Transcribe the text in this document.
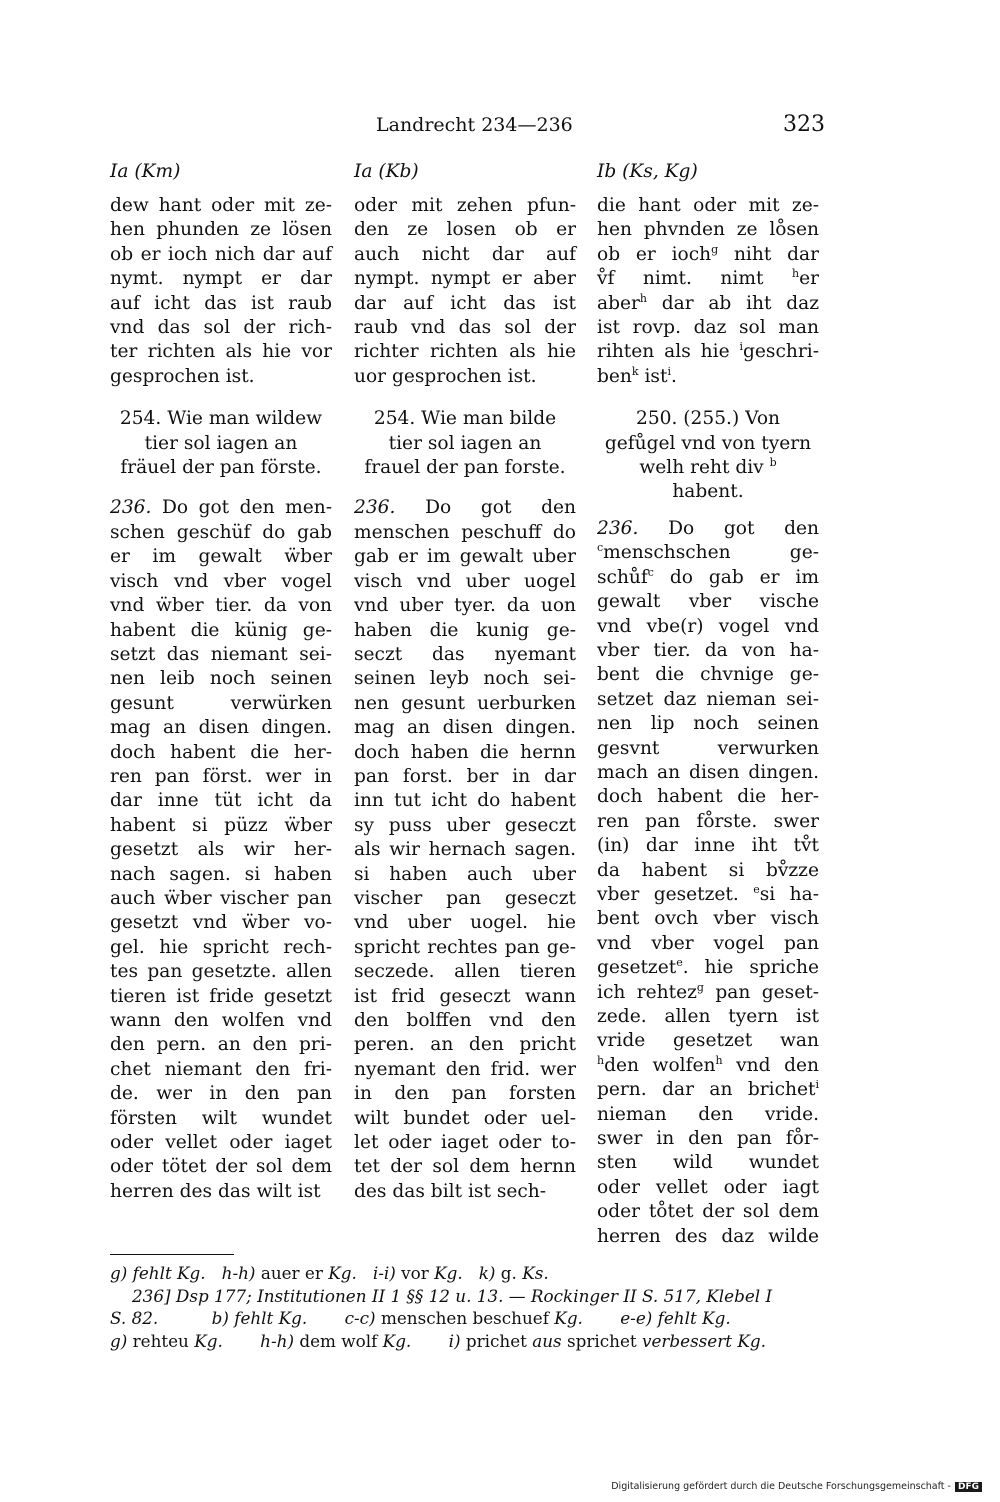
Landrecht 234—236	323
Ia (Km)
dew hant oder mit ze-
hen phunden ze lösen
ob er ioch nich dar auf
nymt. nympt er dar
auf icht das ist raub
vnd das sol der rich-
ter richten als hie vor
gesprochen ist.
254. Wie man wildew
tier sol iagen an
fräuel der pan förste.
236. Do got den men-
schen geschüf do gab
er im gewalt ẅber
visch vnd vber vogel
vnd ẅber tier. da von
habent die künig ge-
setzt das niemant sei-
nen leib noch seinen
gesunt verwürken
mag an disen dingen.
doch habent die her-
ren pan först. wer in
dar inne tüt icht da
habent si püzz ẅber
gesetzt als wir her-
nach sagen. si haben
auch ẅber vischer pan
gesetzt vnd ẅber vo-
gel. hie spricht rech-
tes pan gesetzte. allen
tieren ist fride gesetzt
wann den wolfen vnd
den pern. an den pri-
chet niemant den fri-
de. wer in den pan
försten wilt wundet
oder vellet oder iaget
oder tötet der sol dem
herren des das wilt ist
Ia (Kb)
oder mit zehen pfun-
den ze losen ob er
auch nicht dar auf
nympt. nympt er aber
dar auf icht das ist
raub vnd das sol der
richter richten als hie
uor gesprochen ist.
254. Wie man bilde
tier sol iagen an
frauel der pan forste.
236. Do got den
menschen peschuff do
gab er im gewalt uber
visch vnd uber uogel
vnd uber tyer. da uon
haben die kunig ge-
seczt das nyemant
seinen leyb noch sei-
nen gesunt uerburken
mag an disen dingen.
doch haben die hernn
pan forst. ber in dar
inn tut icht do habent
sy puss uber geseczt
als wir hernach sagen.
si haben auch uber
vischer pan geseczt
vnd uber uogel. hie
spricht rechtes pan ge-
seczede. allen tieren
ist frid geseczt wann
den bolffen vnd den
peren. an den pricht
nyemant den frid. wer
in den pan forsten
wilt bundet oder uel-
let oder iaget oder to-
tet der sol dem hernn
des das bilt ist sech-
Ib (Ks, Kg)
die hant oder mit ze-
hen phvnden ze lo̊sen
ob er ioch$^g$ niht dar
v̊f nimt. nimt	$^h$er
aber$^h$ dar ab iht daz
ist rovp. daz sol man
rihten als hie $^i$geschri-
ben$^k$ ist$^i$.
250. (255.) Von
gefůgel vnd von tyern
welh reht div $^b$
habent.
236. Do got den
$^c$menschschen ge-
schůf$^c$ do gab er im
gewalt vber vische
vnd vbe(r) vogel vnd
vber tier. da von ha-
bent die chvnige ge-
setzet daz nieman sei-
nen lip noch seinen
gesvnt verwurken
mach an disen dingen.
doch habent die her-
ren pan fo̊rste. swer
(in) dar inne iht tv̊t
da habent si bv̊zze
vber gesetzet. $^e$si ha-
bent ovch vber visch
vnd vber vogel pan
gesetzet$^e$. hie spriche
ich rehtez$^g$ pan geset-
zede. allen tyern ist
vride gesetzet wan
$^h$den wolfen$^h$ vnd den
pern. dar an brichet$^i$
nieman den vride.
swer in den pan fo̊r-
sten wild wundet
oder vellet oder iagt
oder to̊tet der sol dem
herren des daz wilde
g) fehlt Kg.   h-h) auer er Kg.   i-i) vor Kg.   k) g. Ks.
236] Dsp 177; Institutionen II 1 §§ 12 u. 13. — Rockinger II S. 517, Klebel I
S. 82.          b) fehlt Kg.       c-c) menschen beschuef Kg.       e-e) fehlt Kg.
g) rehteu Kg.       h-h) dem wolf Kg.       i) prichet aus sprichet verbessert Kg.
Digitalisierung gefördert durch die Deutsche Forschungsgemeinschaft - DFG
